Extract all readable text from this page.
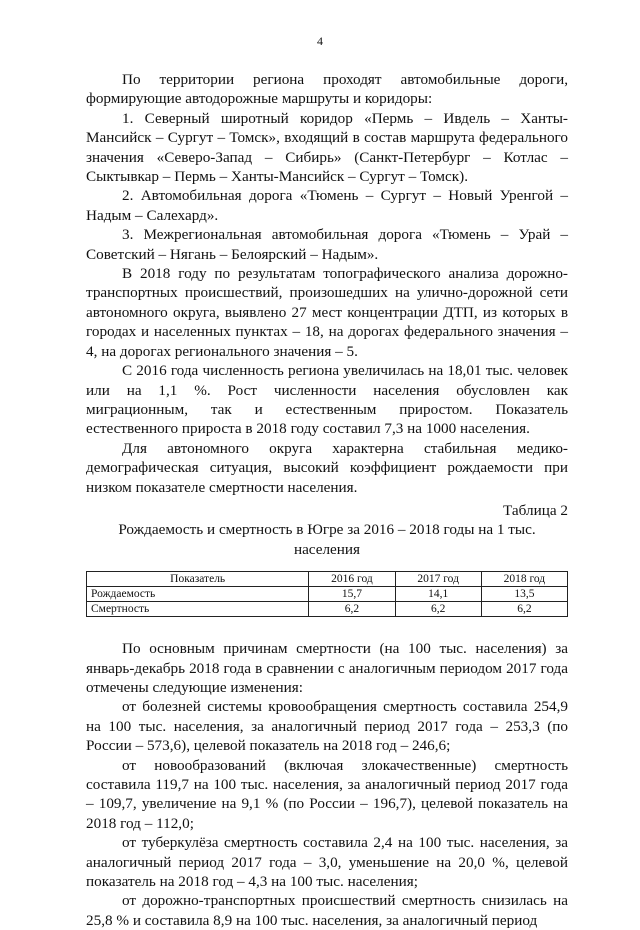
4

По территории региона проходят автомобильные дороги, формирующие автодорожные маршруты и коридоры:

1. Северный широтный коридор «Пермь – Ивдель – Ханты-Мансийск – Сургут – Томск», входящий в состав маршрута федерального значения «Северо-Запад – Сибирь» (Санкт-Петербург – Котлас – Сыктывкар – Пермь – Ханты-Мансийск – Сургут – Томск).

2. Автомобильная дорога «Тюмень – Сургут – Новый Уренгой – Надым – Салехард».

3. Межрегиональная автомобильная дорога «Тюмень – Урай – Советский – Нягань – Белоярский – Надым».

В 2018 году по результатам топографического анализа дорожно-транспортных происшествий, произошедших на улично-дорожной сети автономного округа, выявлено 27 мест концентрации ДТП, из которых в городах и населенных пунктах – 18, на дорогах федерального значения – 4, на дорогах регионального значения – 5.

С 2016 года численность региона увеличилась на 18,01 тыс. человек или на 1,1 %. Рост численности населения обусловлен как миграционным, так и естественным приростом. Показатель естественного прироста в 2018 году составил 7,3 на 1000 населения.

Для автономного округа характерна стабильная медико-демографическая ситуация, высокий коэффициент рождаемости при низком показателе смертности населения.

Таблица 2

Рождаемость и смертность в Югре за 2016 – 2018 годы на 1 тыс. населения

Показатель	2016 год	2017 год	2018 год
Рождаемость	15,7	14,1	13,5
Смертность	6,2	6,2	6,2

По основным причинам смертности (на 100 тыс. населения) за январь-декабрь 2018 года в сравнении с аналогичным периодом 2017 года отмечены следующие изменения:

от болезней системы кровообращения смертность составила 254,9 на 100 тыс. населения, за аналогичный период 2017 года – 253,3 (по России – 573,6), целевой показатель на 2018 год – 246,6;

от новообразований (включая злокачественные) смертность составила 119,7 на 100 тыс. населения, за аналогичный период 2017 года – 109,7, увеличение на 9,1 % (по России – 196,7), целевой показатель на 2018 год – 112,0;

от туберкулёза смертность составила 2,4 на 100 тыс. населения, за аналогичный период 2017 года – 3,0, уменьшение на 20,0 %, целевой показатель на 2018 год – 4,3 на 100 тыс. населения;

от дорожно-транспортных происшествий смертность снизилась на 25,8 % и составила 8,9 на 100 тыс. населения, за аналогичный период
